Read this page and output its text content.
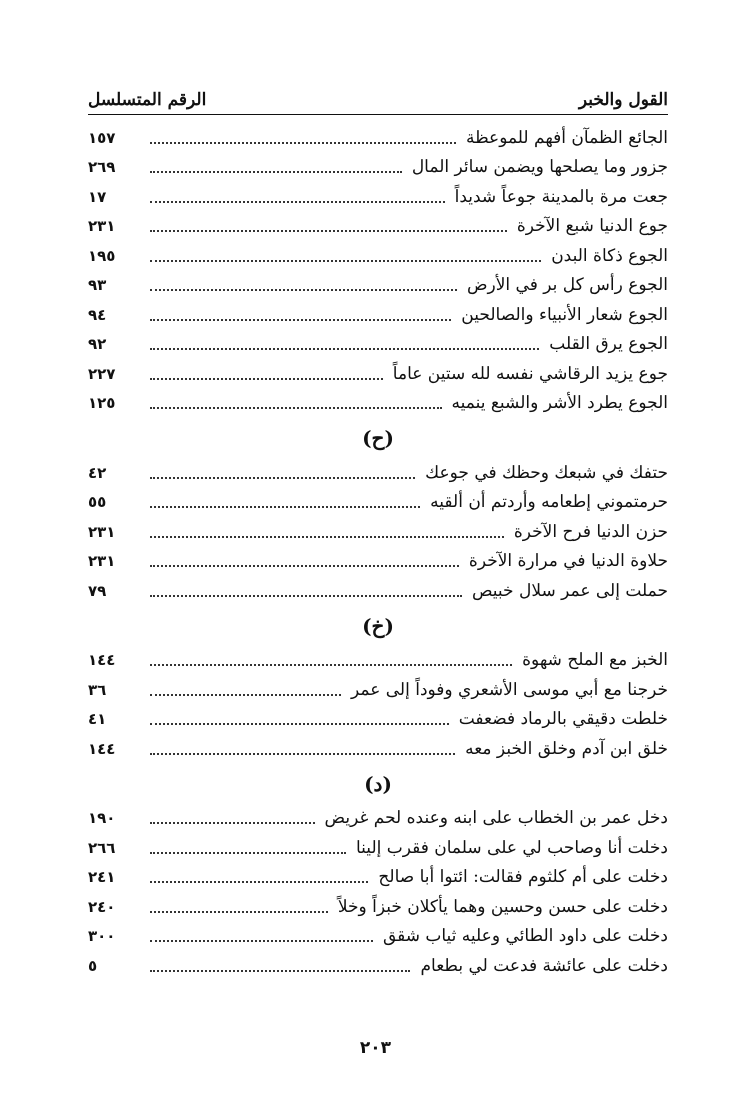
القول والخبر
الرقم المتسلسل
الجائع الظمآن أفهم للموعظة
١٥٧
جزور وما يصلحها ويضمن سائر المال
٢٦٩
جعت مرة بالمدينة جوعاً شديداً
١٧
جوع الدنيا شبع الآخرة
٢٣١
الجوع ذكاة البدن
١٩٥
الجوع رأس كل بر في الأرض
٩٣
الجوع شعار الأنبياء والصالحين
٩٤
الجوع يرق القلب
٩٢
جوع يزيد الرقاشي نفسه لله ستين عاماً
٢٢٧
الجوع يطرد الأشر والشبع ينميه
١٢٥
(ح)
حتفك في شبعك وحظك في جوعك
٤٢
حرمتموني إطعامه وأردتم أن ألقيه
٥٥
حزن الدنيا فرح الآخرة
٢٣١
حلاوة الدنيا في مرارة الآخرة
٢٣١
حملت إلى عمر سلال خبيص
٧٩
(خ)
الخبز مع الملح شهوة
١٤٤
خرجنا مع أبي موسى الأشعري وفوداً إلى عمر
٣٦
خلطت دقيقي بالرماد فضعفت
٤١
خلق ابن آدم وخلق الخبز معه
١٤٤
(د)
دخل عمر بن الخطاب على ابنه وعنده لحم غريض
١٩٠
دخلت أنا وصاحب لي على سلمان فقرب إلينا
٢٦٦
دخلت على أم كلثوم فقالت: ائتوا أبا صالح
٢٤١
دخلت على حسن وحسين وهما يأكلان خبزاً وخلاً
٢٤٠
دخلت على داود الطائي وعليه ثياب شقق
٣٠٠
دخلت على عائشة فدعت لي بطعام
٥
٢٠٣
